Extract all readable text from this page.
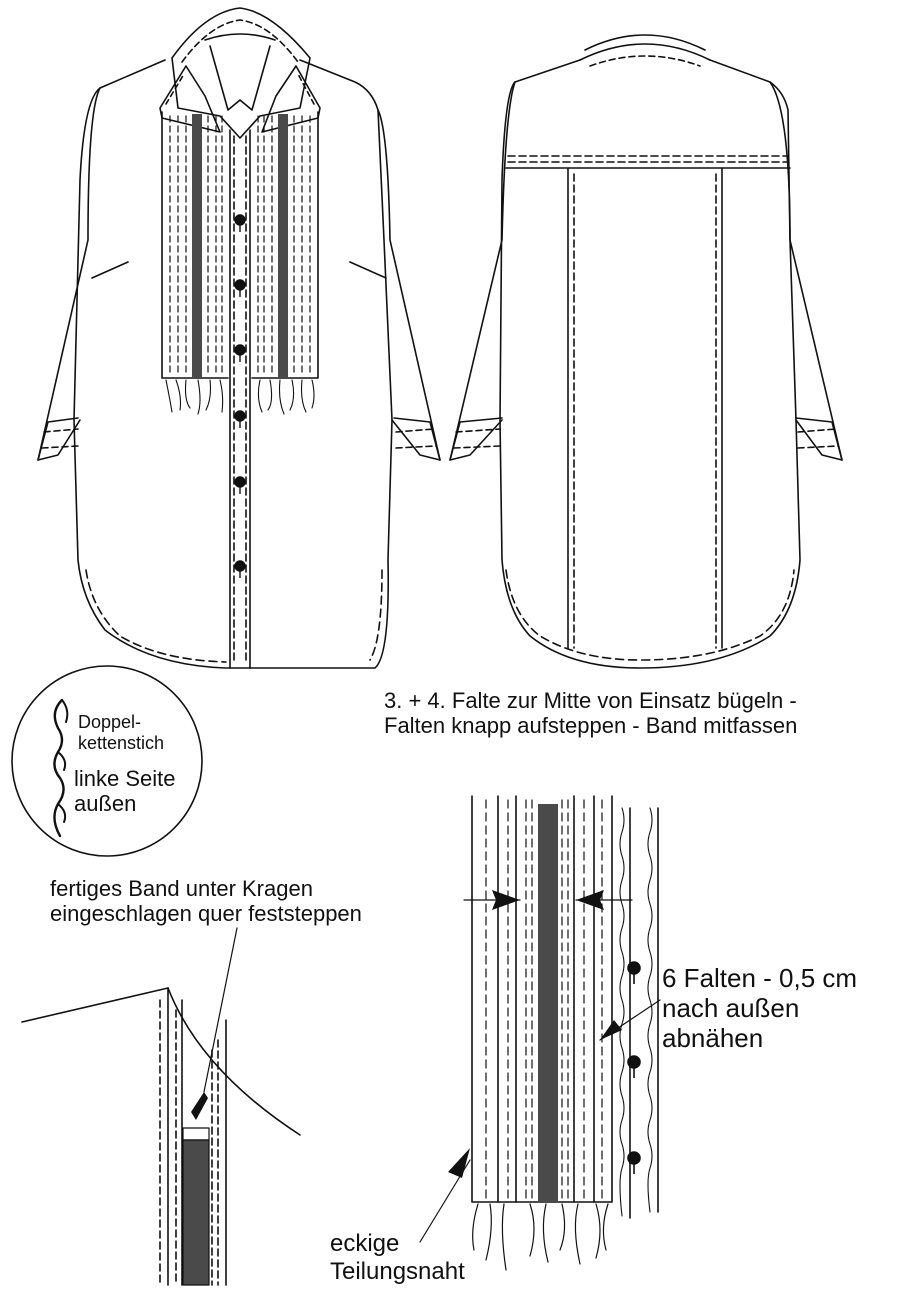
3. + 4. Falte zur Mitte von Einsatz bügeln -
Falten knapp aufsteppen - Band mitfassen
Doppel-
kettenstich
linke Seite
außen
fertiges Band unter Kragen
eingeschlagen quer feststeppen
6 Falten - 0,5 cm
nach außen
abnähen
eckige
Teilungsnaht
